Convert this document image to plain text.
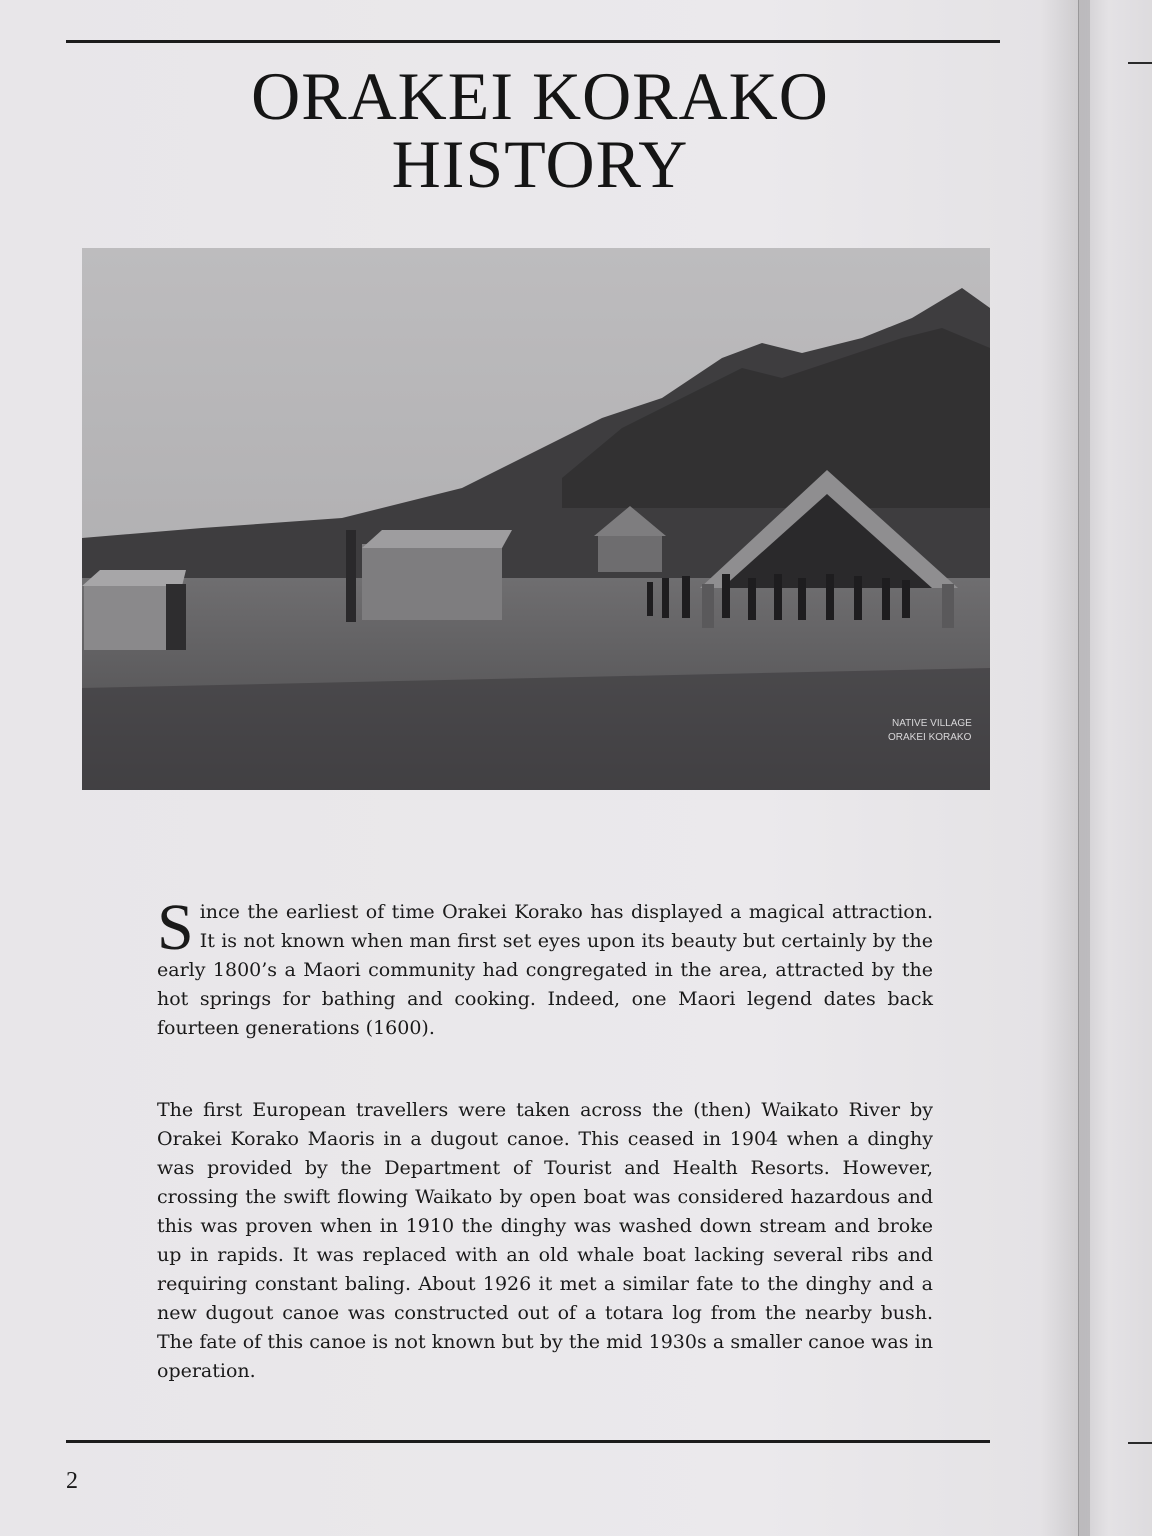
ORAKEI KORAKO
HISTORY
NATIVE VILLAGE
ORAKEI KORAKO

Since the earliest of time Orakei Korako has displayed a magical attraction. It is not known when man first set eyes upon its beauty but certainly by the early 1800’s a Maori community had congregated in the area, attracted by the hot springs for bathing and cooking. Indeed, one Maori legend dates back fourteen generations (1600).

The first European travellers were taken across the (then) Waikato River by Orakei Korako Maoris in a dugout canoe. This ceased in 1904 when a dinghy was provided by the Department of Tourist and Health Resorts. However, crossing the swift flowing Waikato by open boat was considered hazardous and this was proven when in 1910 the dinghy was washed down stream and broke up in rapids. It was replaced with an old whale boat lacking several ribs and requiring constant baling. About 1926 it met a similar fate to the dinghy and a new dugout canoe was constructed out of a totara log from the nearby bush. The fate of this canoe is not known but by the mid 1930s a smaller canoe was in operation.

2
